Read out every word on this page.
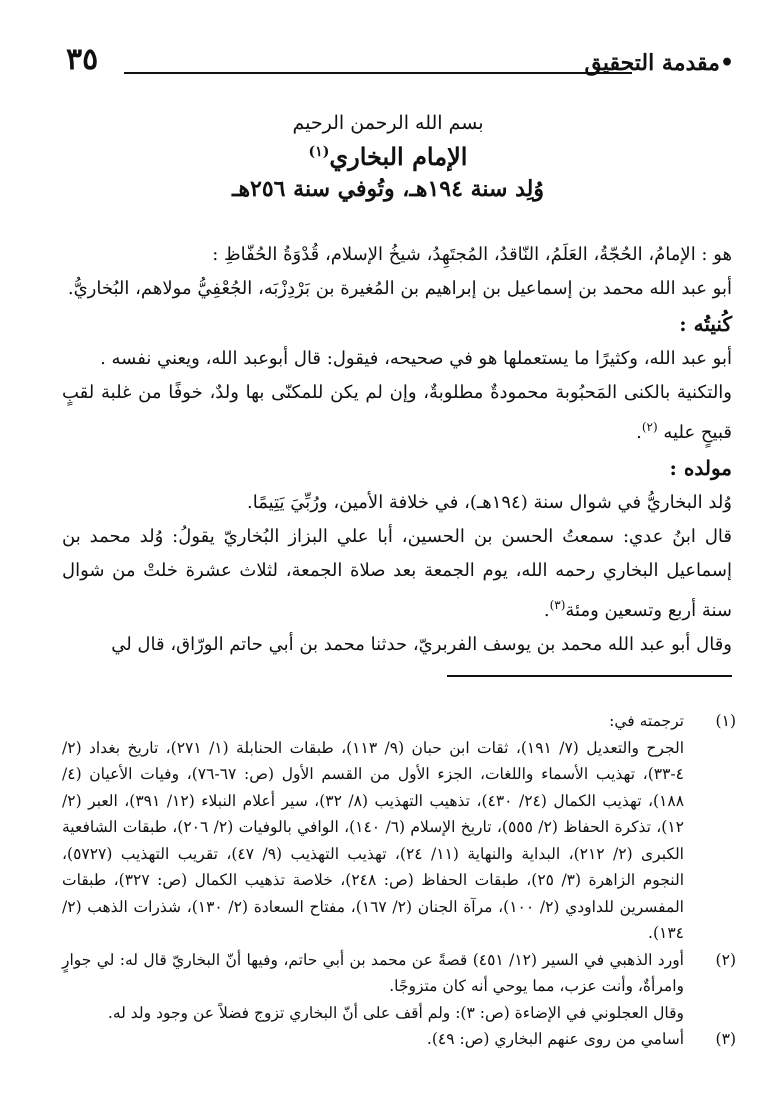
•مقدمة التحقيق
٣٥
بسم الله الرحمن الرحيم
الإمام البخاري$^{(١)}$
وُلِد سنة ١٩٤هـ، وتُوفي سنة ٢٥٦هـ

هو : الإمامُ، الحُجّةُ، العَلَمُ، النّاقدُ، المُجتَهِدُ، شيخُ الإسلام، قُدْوَةُ الحُفّاظِ :

أبو عبد الله محمد بن إسماعيل بن إبراهيم بن المُغيرة بن بَرْدِزْبَه، الجُعْفِيُّ مولاهم، البُخاريُّ.

كُنيتُه :

أبو عبد الله، وكثيرًا ما يستعملها هو في صحيحه، فيقول: قال أبوعبد الله، ويعني نفسه .

والتكنية بالكنى المَحبُوبة محمودةٌ مطلوبةٌ، وإن لم يكن للمكنّى بها ولدٌ، خوفًا من غلبة لقبٍ قبيحٍ عليه $^{(٢)}$.

مولده :

وُلد البخاريُّ في شوال سنة (١٩٤هـ)، في خلافة الأمين، ورُبِّيَ يَتِيمًا.

قال ابنُ عدي: سمعتُ الحسن بن الحسين، أبا علي البزاز البُخاريّ يقولُ: وُلد محمد بن إسماعيل البخاري رحمه الله، يوم الجمعة بعد صلاة الجمعة، لثلاث عشرة خلتْ من شوال سنة أربع وتسعين ومئة$^{(٣)}$.

وقال أبو عبد الله محمد بن يوسف الفربريّ، حدثنا محمد بن أبي حاتم الورّاق، قال لي

(١)

ترجمته في:

الجرح والتعديل (٧/ ١٩١)، ثقات ابن حبان (٩/ ١١٣)، طبقات الحنابلة (١/ ٢٧١)، تاريخ بغداد (٢/ ٤-٣٣)، تهذيب الأسماء واللغات، الجزء الأول من القسم الأول (ص: ٦٧-٧٦)، وفيات الأعيان (٤/ ١٨٨)، تهذيب الكمال (٢٤/ ٤٣٠)، تذهيب التهذيب (٨/ ٣٢)، سير أعلام النبلاء (١٢/ ٣٩١)، العبر (٢/ ١٢)، تذكرة الحفاظ (٢/ ٥٥٥)، تاريخ الإسلام (٦/ ١٤٠)، الوافي بالوفيات (٢/ ٢٠٦)، طبقات الشافعية الكبرى (٢/ ٢١٢)، البداية والنهاية (١١/ ٢٤)، تهذيب التهذيب (٩/ ٤٧)، تقريب التهذيب (٥٧٢٧)، النجوم الزاهرة (٣/ ٢٥)، طبقات الحفاظ (ص: ٢٤٨)، خلاصة تذهيب الكمال (ص: ٣٢٧)، طبقات المفسرين للداودي (٢/ ١٠٠)، مرآة الجنان (٢/ ١٦٧)، مفتاح السعادة (٢/ ١٣٠)، شذرات الذهب (٢/ ١٣٤).

(٢)

أورد الذهبي في السير (١٢/ ٤٥١) قصةً عن محمد بن أبي حاتم، وفيها أنّ البخاريّ قال له: لي جوارٍ وامرأةٌ، وأنت عزب، مما يوحي أنه كان متزوجًا.

وقال العجلوني في الإضاءة (ص: ٣): ولم أقف على أنّ البخاري تزوج فضلاً عن وجود ولد له.

(٣)

أسامي من روى عنهم البخاري (ص: ٤٩).
